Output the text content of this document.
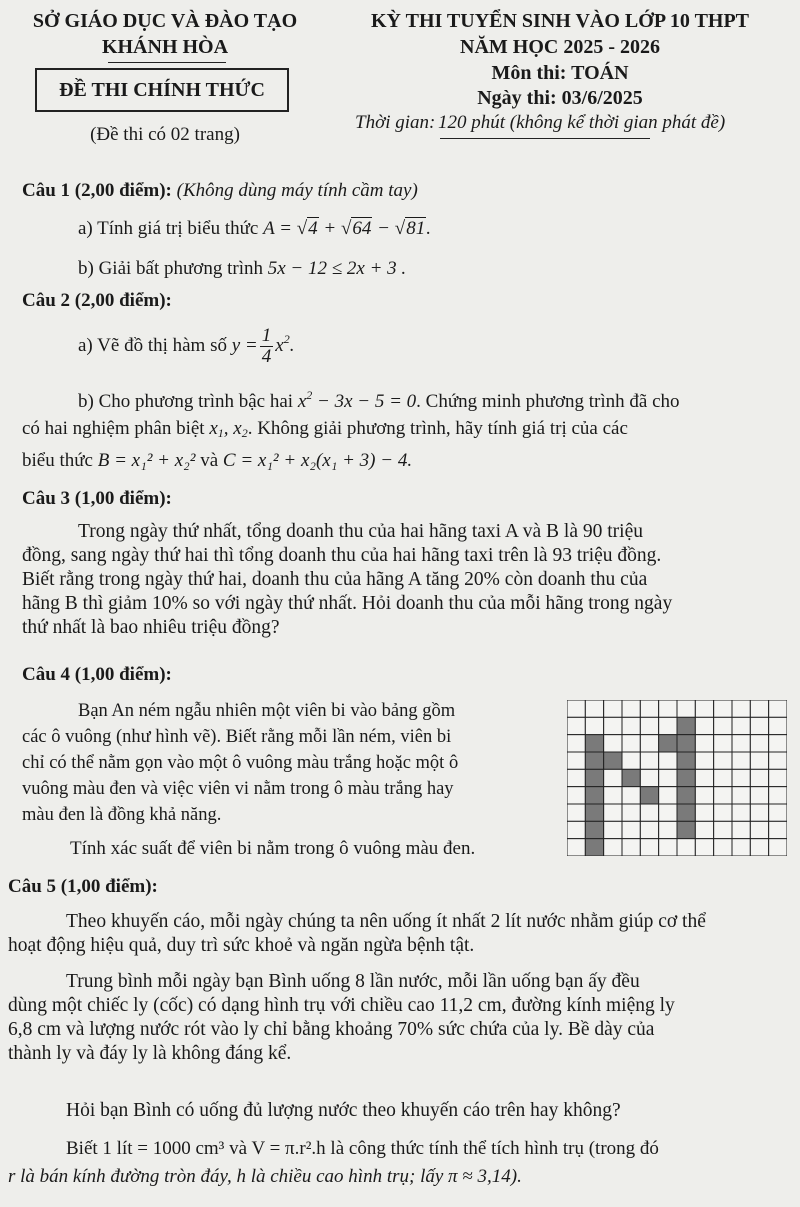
SỞ GIÁO DỤC VÀ ĐÀO TẠO
KHÁNH HÒA
ĐỀ THI CHÍNH THỨC
(Đề thi có 02 trang)
KỲ THI TUYỂN SINH VÀO LỚP 10 THPT
NĂM HỌC 2025 - 2026
Môn thi: TOÁN
Ngày thi: 03/6/2025
Thời gian: 120 phút (không kể thời gian phát đề)
Câu 1 (2,00 điểm): (Không dùng máy tính cầm tay)
a) Tính giá trị biểu thức A = √4 + √64 − √81.
b) Giải bất phương trình 5x − 12 ≤ 2x + 3 .
Câu 2 (2,00 điểm):
a) Vẽ đồ thị hàm số $y = \frac{1}{4} x^2$.
b) Cho phương trình bậc hai $x^2 - 3x - 5 = 0$. Chứng minh phương trình đã cho
có hai nghiệm phân biệt $x_1$, $x_2$. Không giải phương trình, hãy tính giá trị của các
biểu thức B = x₁² + x₂² và C = x₁² + x₂(x₁ + 3) − 4.
Câu 3 (1,00 điểm):
Trong ngày thứ nhất, tổng doanh thu của hai hãng taxi A và B là 90 triệu
đồng, sang ngày thứ hai thì tổng doanh thu của hai hãng taxi trên là 93 triệu đồng.
Biết rằng trong ngày thứ hai, doanh thu của hãng A tăng 20% còn doanh thu của
hãng B thì giảm 10% so với ngày thứ nhất. Hỏi doanh thu của mỗi hãng trong ngày
thứ nhất là bao nhiêu triệu đồng?
Câu 4 (1,00 điểm):
Bạn An ném ngẫu nhiên một viên bi vào bảng gồm
các ô vuông (như hình vẽ). Biết rằng mỗi lần ném, viên bi
chỉ có thể nằm gọn vào một ô vuông màu trắng hoặc một ô
vuông màu đen và việc viên vi nằm trong ô màu trắng hay
màu đen là đồng khả năng.
Tính xác suất để viên bi nằm trong ô vuông màu đen.
Câu 5 (1,00 điểm):
Theo khuyến cáo, mỗi ngày chúng ta nên uống ít nhất 2 lít nước nhằm giúp cơ thể
hoạt động hiệu quả, duy trì sức khoẻ và ngăn ngừa bệnh tật.
Trung bình mỗi ngày bạn Bình uống 8 lần nước, mỗi lần uống bạn ấy đều
dùng một chiếc ly (cốc) có dạng hình trụ với chiều cao 11,2 cm, đường kính miệng ly
6,8 cm và lượng nước rót vào ly chỉ bằng khoảng 70% sức chứa của ly. Bề dày của
thành ly và đáy ly là không đáng kể.
Hỏi bạn Bình có uống đủ lượng nước theo khuyến cáo trên hay không?
Biết 1 lít = 1000 cm³ và V = π.r².h là công thức tính thể tích hình trụ (trong đó
r là bán kính đường tròn đáy, h là chiều cao hình trụ; lấy π ≈ 3,14).
